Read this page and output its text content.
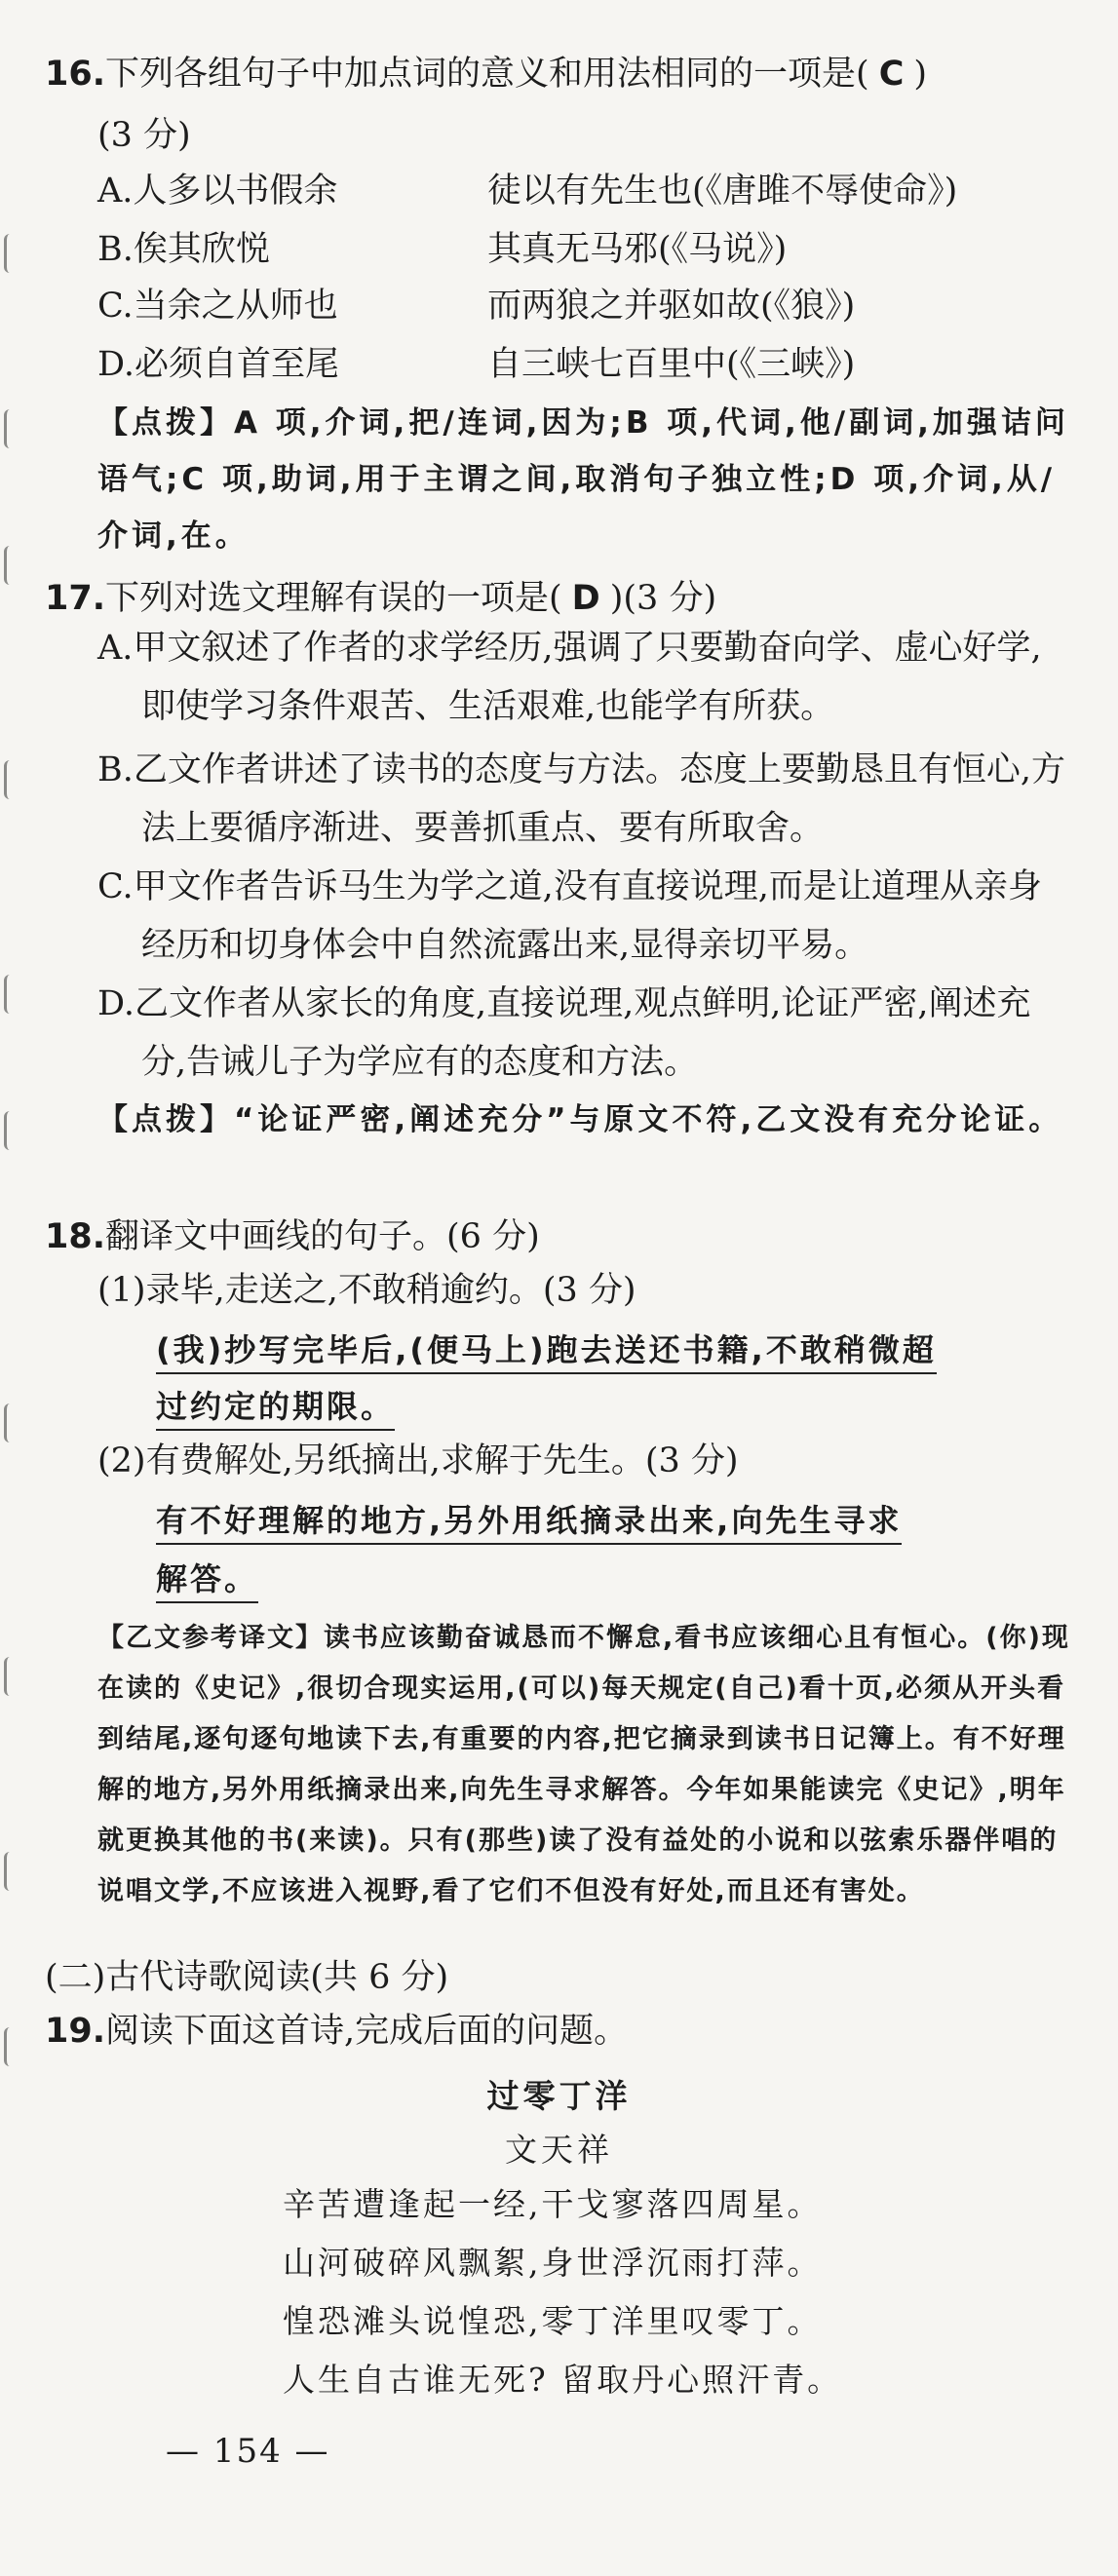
16.下列各组句子中加点词的意义和用法相同的一项是( C )
(3 分)
A.人多以书假余	徒以有先生也(《唐雎不辱使命》)
B.俟其欣悦	其真无马邪(《马说》)
C.当余之从师也	而两狼之并驱如故(《狼》)
D.必须自首至尾	自三峡七百里中(《三峡》)
【点拨】A 项,介词,把/连词,因为;B 项,代词,他/副词,加强诘问语气;C 项,助词,用于主谓之间,取消句子独立性;D 项,介词,从/介词,在。
17.下列对选文理解有误的一项是( D )(3 分)
A.甲文叙述了作者的求学经历,强调了只要勤奋向学、虚心好学,即使学习条件艰苦、生活艰难,也能学有所获。
B.乙文作者讲述了读书的态度与方法。态度上要勤恳且有恒心,方法上要循序渐进、要善抓重点、要有所取舍。
C.甲文作者告诉马生为学之道,没有直接说理,而是让道理从亲身经历和切身体会中自然流露出来,显得亲切平易。
D.乙文作者从家长的角度,直接说理,观点鲜明,论证严密,阐述充分,告诫儿子为学应有的态度和方法。
【点拨】“论证严密,阐述充分”与原文不符,乙文没有充分论证。
18.翻译文中画线的句子。(6 分)
(1)录毕,走送之,不敢稍逾约。(3 分)
(我)抄写完毕后,(便马上)跑去送还书籍,不敢稍微超
过约定的期限。
(2)有费解处,另纸摘出,求解于先生。(3 分)
有不好理解的地方,另外用纸摘录出来,向先生寻求
解答。
【乙文参考译文】读书应该勤奋诚恳而不懈怠,看书应该细心且有恒心。(你)现在读的《史记》,很切合现实运用,(可以)每天规定(自己)看十页,必须从开头看到结尾,逐句逐句地读下去,有重要的内容,把它摘录到读书日记簿上。有不好理解的地方,另外用纸摘录出来,向先生寻求解答。今年如果能读完《史记》,明年就更换其他的书(来读)。只有(那些)读了没有益处的小说和以弦索乐器伴唱的说唱文学,不应该进入视野,看了它们不但没有好处,而且还有害处。
(二)古代诗歌阅读(共 6 分)
19.阅读下面这首诗,完成后面的问题。
过零丁洋
文天祥
辛苦遭逢起一经,干戈寥落四周星。
山河破碎风飘絮,身世浮沉雨打萍。
惶恐滩头说惶恐,零丁洋里叹零丁。
人生自古谁无死? 留取丹心照汗青。
— 154 —
